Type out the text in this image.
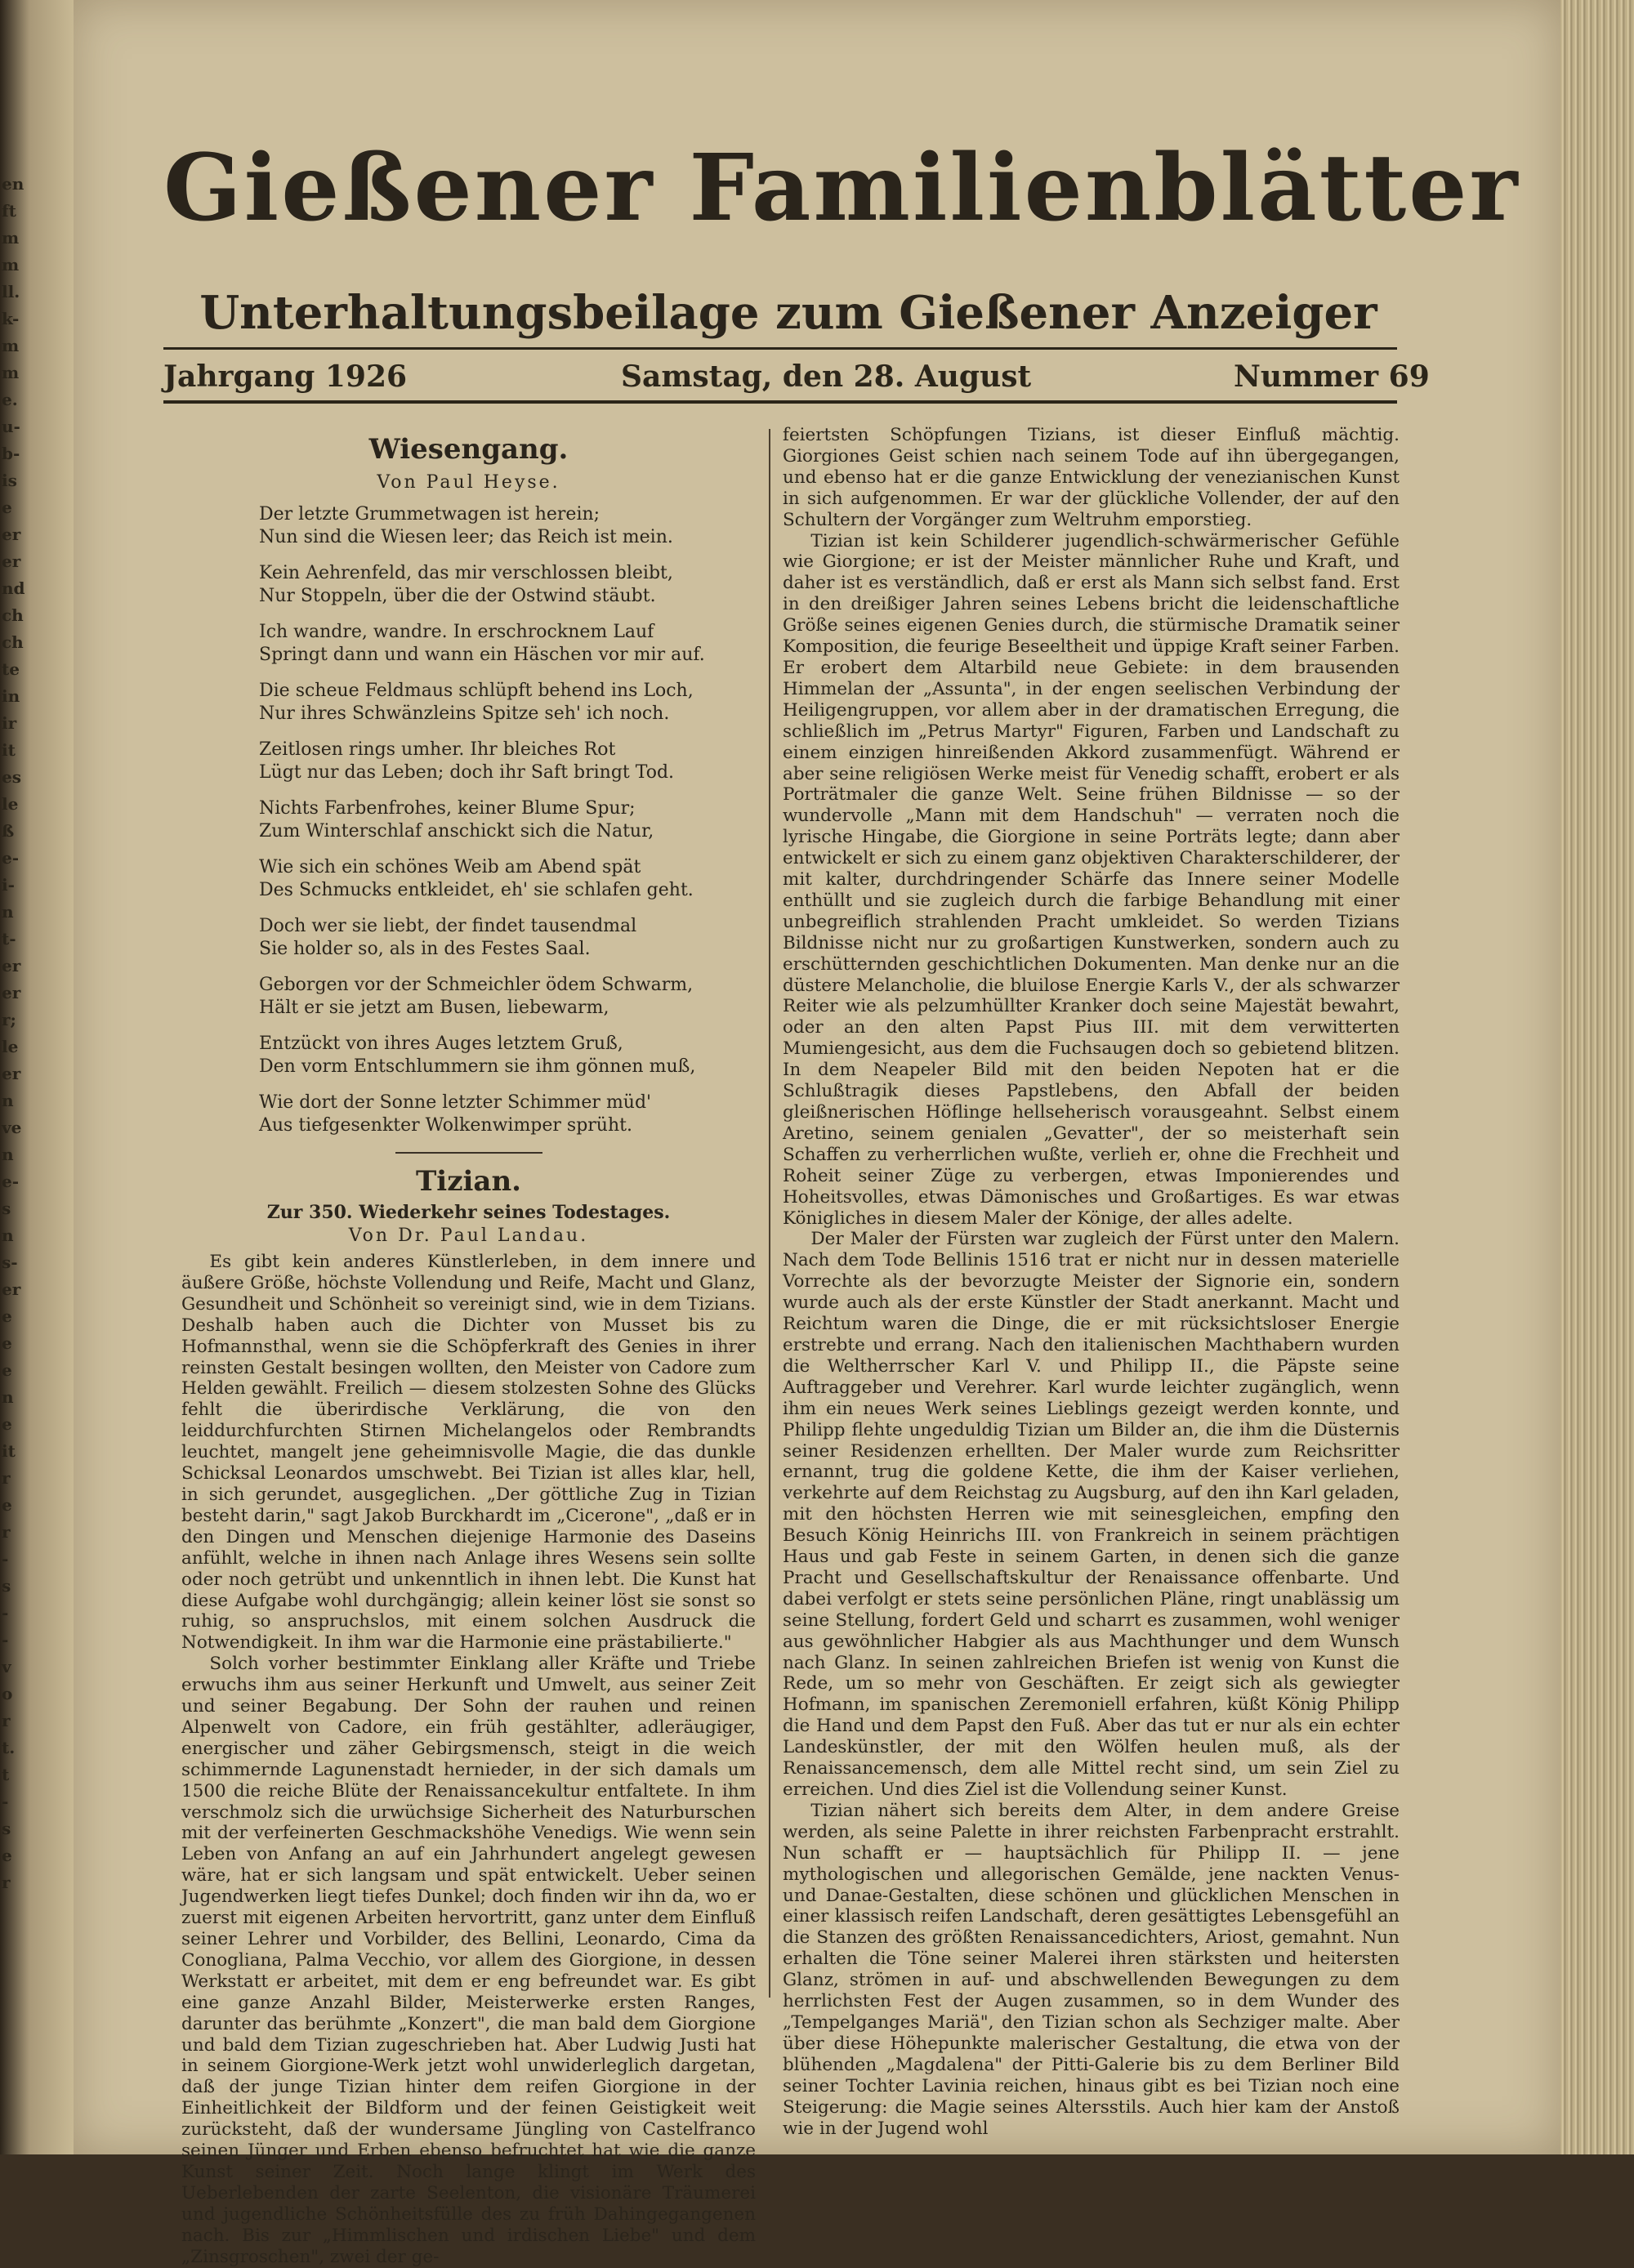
en
ft
m
m
ll.
k-
m
m
e.
u-
b-
is
e
er
er
nd
ch
ch
te
in
ir
it
es
le
ß
e-
i-
n
t-
er
er
r;
le
er
n
ve
n
e-
s
n
s-
er
e
e
e
n
e
it
r
e
r
-
s
-
-
v
o
r
t.
t
-
s
e
r
Gießener Familienblätter
Unterhaltungsbeilage zum Gießener Anzeiger
Jahrgang 1926	Samstag, den 28. August	Nummer 69
Wiesengang.
Von Paul Heyse.
Der letzte Grummetwagen ist herein;
Nun sind die Wiesen leer; das Reich ist mein.
Kein Aehrenfeld, das mir verschlossen bleibt,
Nur Stoppeln, über die der Ostwind stäubt.
Ich wandre, wandre. In erschrocknem Lauf
Springt dann und wann ein Häschen vor mir auf.
Die scheue Feldmaus schlüpft behend ins Loch,
Nur ihres Schwänzleins Spitze seh' ich noch.
Zeitlosen rings umher. Ihr bleiches Rot
Lügt nur das Leben; doch ihr Saft bringt Tod.
Nichts Farbenfrohes, keiner Blume Spur;
Zum Winterschlaf anschickt sich die Natur,
Wie sich ein schönes Weib am Abend spät
Des Schmucks entkleidet, eh' sie schlafen geht.
Doch wer sie liebt, der findet tausendmal
Sie holder so, als in des Festes Saal.
Geborgen vor der Schmeichler ödem Schwarm,
Hält er sie jetzt am Busen, liebewarm,
Entzückt von ihres Auges letztem Gruß,
Den vorm Entschlummern sie ihm gönnen muß,
Wie dort der Sonne letzter Schimmer müd'
Aus tiefgesenkter Wolkenwimper sprüht.
Tizian.
Zur 350. Wiederkehr seines Todestages.
Von Dr. Paul Landau.

Es gibt kein anderes Künstlerleben, in dem innere und äußere Größe, höchste Vollendung und Reife, Macht und Glanz, Gesundheit und Schönheit so vereinigt sind, wie in dem Tizians. Deshalb haben auch die Dichter von Musset bis zu Hofmannsthal, wenn sie die Schöpferkraft des Genies in ihrer reinsten Gestalt besingen wollten, den Meister von Cadore zum Helden gewählt. Freilich — diesem stolzesten Sohne des Glücks fehlt die überirdische Verklärung, die von den leiddurchfurchten Stirnen Michelangelos oder Rembrandts leuchtet, mangelt jene geheimnisvolle Magie, die das dunkle Schicksal Leonardos umschwebt. Bei Tizian ist alles klar, hell, in sich gerundet, ausgeglichen. „Der göttliche Zug in Tizian besteht darin," sagt Jakob Burckhardt im „Cicerone", „daß er in den Dingen und Menschen diejenige Harmonie des Daseins anfühlt, welche in ihnen nach Anlage ihres Wesens sein sollte oder noch getrübt und unkenntlich in ihnen lebt. Die Kunst hat diese Aufgabe wohl durchgängig; allein keiner löst sie sonst so ruhig, so anspruchslos, mit einem solchen Ausdruck die Notwendigkeit. In ihm war die Harmonie eine prästabilierte."

Solch vorher bestimmter Einklang aller Kräfte und Triebe erwuchs ihm aus seiner Herkunft und Umwelt, aus seiner Zeit und seiner Begabung. Der Sohn der rauhen und reinen Alpenwelt von Cadore, ein früh gestählter, adleräugiger, energischer und zäher Gebirgsmensch, steigt in die weich schimmernde Lagunenstadt hernieder, in der sich damals um 1500 die reiche Blüte der Renaissancekultur entfaltete. In ihm verschmolz sich die urwüchsige Sicherheit des Naturburschen mit der verfeinerten Geschmackshöhe Venedigs. Wie wenn sein Leben von Anfang an auf ein Jahrhundert angelegt gewesen wäre, hat er sich langsam und spät entwickelt. Ueber seinen Jugendwerken liegt tiefes Dunkel; doch finden wir ihn da, wo er zuerst mit eigenen Arbeiten hervortritt, ganz unter dem Einfluß seiner Lehrer und Vorbilder, des Bellini, Leonardo, Cima da Conogliana, Palma Vecchio, vor allem des Giorgione, in dessen Werkstatt er arbeitet, mit dem er eng befreundet war. Es gibt eine ganze Anzahl Bilder, Meisterwerke ersten Ranges, darunter das berühmte „Konzert", die man bald dem Giorgione und bald dem Tizian zugeschrieben hat. Aber Ludwig Justi hat in seinem Giorgione-Werk jetzt wohl unwiderleglich dargetan, daß der junge Tizian hinter dem reifen Giorgione in der Einheitlichkeit der Bildform und der feinen Geistigkeit weit zurücksteht, daß der wundersame Jüngling von Castelfranco seinen Jünger und Erben ebenso befruchtet hat wie die ganze Kunst seiner Zeit. Noch lange klingt im Werk des Ueberlebenden der zarte Seelenton, die visionäre Träumerei und jugendliche Schönheitsfülle des zu früh Dahingegangenen nach. Bis zur „Himmlischen und irdischen Liebe" und dem „Zinsgroschen", zwei der ge-

feiertsten Schöpfungen Tizians, ist dieser Einfluß mächtig. Giorgiones Geist schien nach seinem Tode auf ihn übergegangen, und ebenso hat er die ganze Entwicklung der venezianischen Kunst in sich aufgenommen. Er war der glückliche Vollender, der auf den Schultern der Vorgänger zum Weltruhm emporstieg.

Tizian ist kein Schilderer jugendlich-schwärmerischer Gefühle wie Giorgione; er ist der Meister männlicher Ruhe und Kraft, und daher ist es verständlich, daß er erst als Mann sich selbst fand. Erst in den dreißiger Jahren seines Lebens bricht die leidenschaftliche Größe seines eigenen Genies durch, die stürmische Dramatik seiner Komposition, die feurige Beseeltheit und üppige Kraft seiner Farben. Er erobert dem Altarbild neue Gebiete: in dem brausenden Himmelan der „Assunta", in der engen seelischen Verbindung der Heiligengruppen, vor allem aber in der dramatischen Erregung, die schließlich im „Petrus Martyr" Figuren, Farben und Landschaft zu einem einzigen hinreißenden Akkord zusammenfügt. Während er aber seine religiösen Werke meist für Venedig schafft, erobert er als Porträtmaler die ganze Welt. Seine frühen Bildnisse — so der wundervolle „Mann mit dem Handschuh" — verraten noch die lyrische Hingabe, die Giorgione in seine Porträts legte; dann aber entwickelt er sich zu einem ganz objektiven Charakterschilderer, der mit kalter, durchdringender Schärfe das Innere seiner Modelle enthüllt und sie zugleich durch die farbige Behandlung mit einer unbegreiflich strahlenden Pracht umkleidet. So werden Tizians Bildnisse nicht nur zu großartigen Kunstwerken, sondern auch zu erschütternden geschichtlichen Dokumenten. Man denke nur an die düstere Melancholie, die bluilose Energie Karls V., der als schwarzer Reiter wie als pelzumhüllter Kranker doch seine Majestät bewahrt, oder an den alten Papst Pius III. mit dem verwitterten Mumiengesicht, aus dem die Fuchsaugen doch so gebietend blitzen. In dem Neapeler Bild mit den beiden Nepoten hat er die Schlußtragik dieses Papstlebens, den Abfall der beiden gleißnerischen Höflinge hellseherisch vorausgeahnt. Selbst einem Aretino, seinem genialen „Gevatter", der so meisterhaft sein Schaffen zu verherrlichen wußte, verlieh er, ohne die Frechheit und Roheit seiner Züge zu verbergen, etwas Imponierendes und Hoheitsvolles, etwas Dämonisches und Großartiges. Es war etwas Königliches in diesem Maler der Könige, der alles adelte.

Der Maler der Fürsten war zugleich der Fürst unter den Malern. Nach dem Tode Bellinis 1516 trat er nicht nur in dessen materielle Vorrechte als der bevorzugte Meister der Signorie ein, sondern wurde auch als der erste Künstler der Stadt anerkannt. Macht und Reichtum waren die Dinge, die er mit rücksichtsloser Energie erstrebte und errang. Nach den italienischen Machthabern wurden die Weltherrscher Karl V. und Philipp II., die Päpste seine Auftraggeber und Verehrer. Karl wurde leichter zugänglich, wenn ihm ein neues Werk seines Lieblings gezeigt werden konnte, und Philipp flehte ungeduldig Tizian um Bilder an, die ihm die Düsternis seiner Residenzen erhellten. Der Maler wurde zum Reichsritter ernannt, trug die goldene Kette, die ihm der Kaiser verliehen, verkehrte auf dem Reichstag zu Augsburg, auf den ihn Karl geladen, mit den höchsten Herren wie mit seinesgleichen, empfing den Besuch König Heinrichs III. von Frankreich in seinem prächtigen Haus und gab Feste in seinem Garten, in denen sich die ganze Pracht und Gesellschaftskultur der Renaissance offenbarte. Und dabei verfolgt er stets seine persönlichen Pläne, ringt unablässig um seine Stellung, fordert Geld und scharrt es zusammen, wohl weniger aus gewöhnlicher Habgier als aus Machthunger und dem Wunsch nach Glanz. In seinen zahlreichen Briefen ist wenig von Kunst die Rede, um so mehr von Geschäften. Er zeigt sich als gewiegter Hofmann, im spanischen Zeremoniell erfahren, küßt König Philipp die Hand und dem Papst den Fuß. Aber das tut er nur als ein echter Landeskünstler, der mit den Wölfen heulen muß, als der Renaissancemensch, dem alle Mittel recht sind, um sein Ziel zu erreichen. Und dies Ziel ist die Vollendung seiner Kunst.

Tizian nähert sich bereits dem Alter, in dem andere Greise werden, als seine Palette in ihrer reichsten Farbenpracht erstrahlt. Nun schafft er — hauptsächlich für Philipp II. — jene mythologischen und allegorischen Gemälde, jene nackten Venus- und Danae-Gestalten, diese schönen und glücklichen Menschen in einer klassisch reifen Landschaft, deren gesättigtes Lebensgefühl an die Stanzen des größten Renaissancedichters, Ariost, gemahnt. Nun erhalten die Töne seiner Malerei ihren stärksten und heitersten Glanz, strömen in auf- und abschwellenden Bewegungen zu dem herrlichsten Fest der Augen zusammen, so in dem Wunder des „Tempelganges Mariä", den Tizian schon als Sechziger malte. Aber über diese Höhepunkte malerischer Gestaltung, die etwa von der blühenden „Magdalena" der Pitti-Galerie bis zu dem Berliner Bild seiner Tochter Lavinia reichen, hinaus gibt es bei Tizian noch eine Steigerung: die Magie seines Altersstils. Auch hier kam der Anstoß wie in der Jugend wohl
